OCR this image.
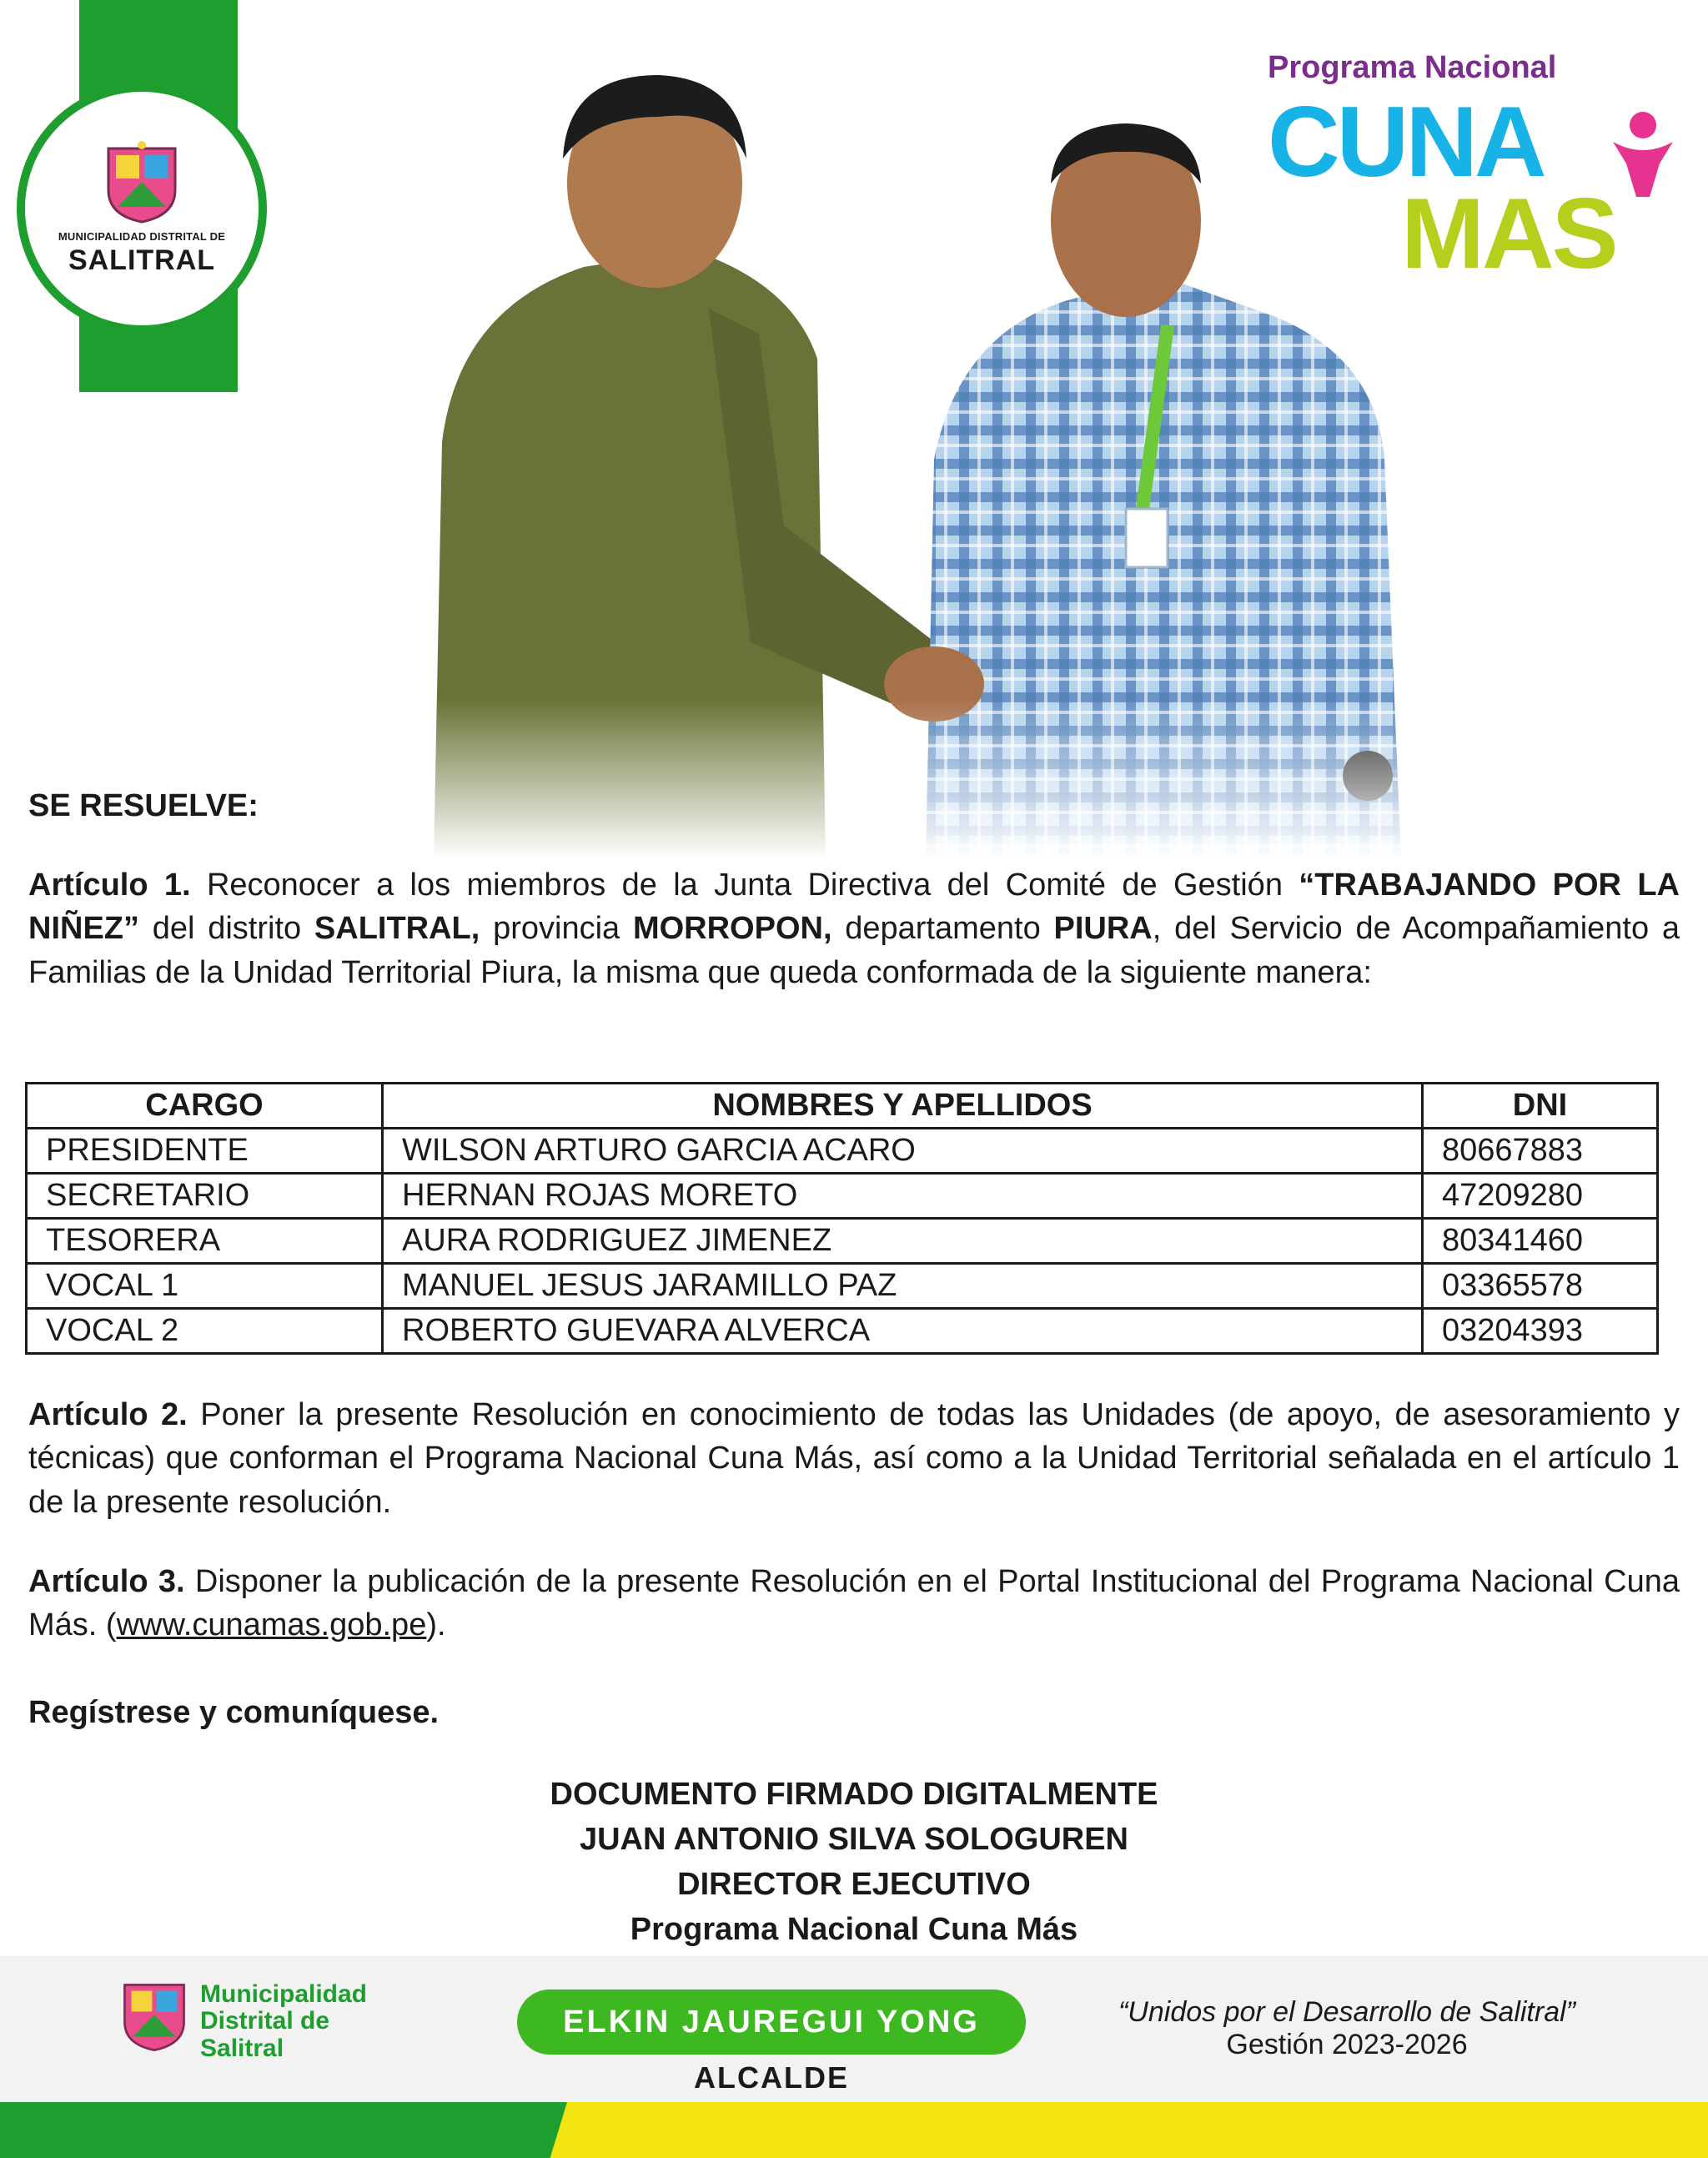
MUNICIPALIDAD DISTRITAL DE
SALITRAL
Programa Nacional
CUNA
MAS
SE RESUELVE:
Artículo 1. Reconocer a los miembros de la Junta Directiva del Comité de Gestión “TRABAJANDO POR LA NIÑEZ” del distrito SALITRAL, provincia MORROPON, departamento PIURA, del Servicio de Acompañamiento a Familias de la Unidad Territorial Piura, la misma que queda conformada de la siguiente manera:
CARGO	NOMBRES Y APELLIDOS	DNI
PRESIDENTE	WILSON ARTURO GARCIA ACARO	80667883
SECRETARIO	HERNAN ROJAS MORETO	47209280
TESORERA	AURA RODRIGUEZ JIMENEZ	80341460
VOCAL 1	MANUEL JESUS JARAMILLO PAZ	03365578
VOCAL 2	ROBERTO GUEVARA ALVERCA	03204393
Artículo 2. Poner la presente Resolución en conocimiento de todas las Unidades (de apoyo, de asesoramiento y técnicas) que conforman el Programa Nacional Cuna Más, así como a la Unidad Territorial señalada en el artículo 1 de la presente resolución.
Artículo 3. Disponer la publicación de la presente Resolución en el Portal Institucional del Programa Nacional Cuna Más. (www.cunamas.gob.pe).
Regístrese y comuníquese.
DOCUMENTO FIRMADO DIGITALMENTE
JUAN ANTONIO SILVA SOLOGUREN
DIRECTOR EJECUTIVO
Programa Nacional Cuna Más
Municipalidad
Distrital de
Salitral
ELKIN JAUREGUI YONG
ALCALDE
“Unidos por el Desarrollo de Salitral”
Gestión 2023-2026
